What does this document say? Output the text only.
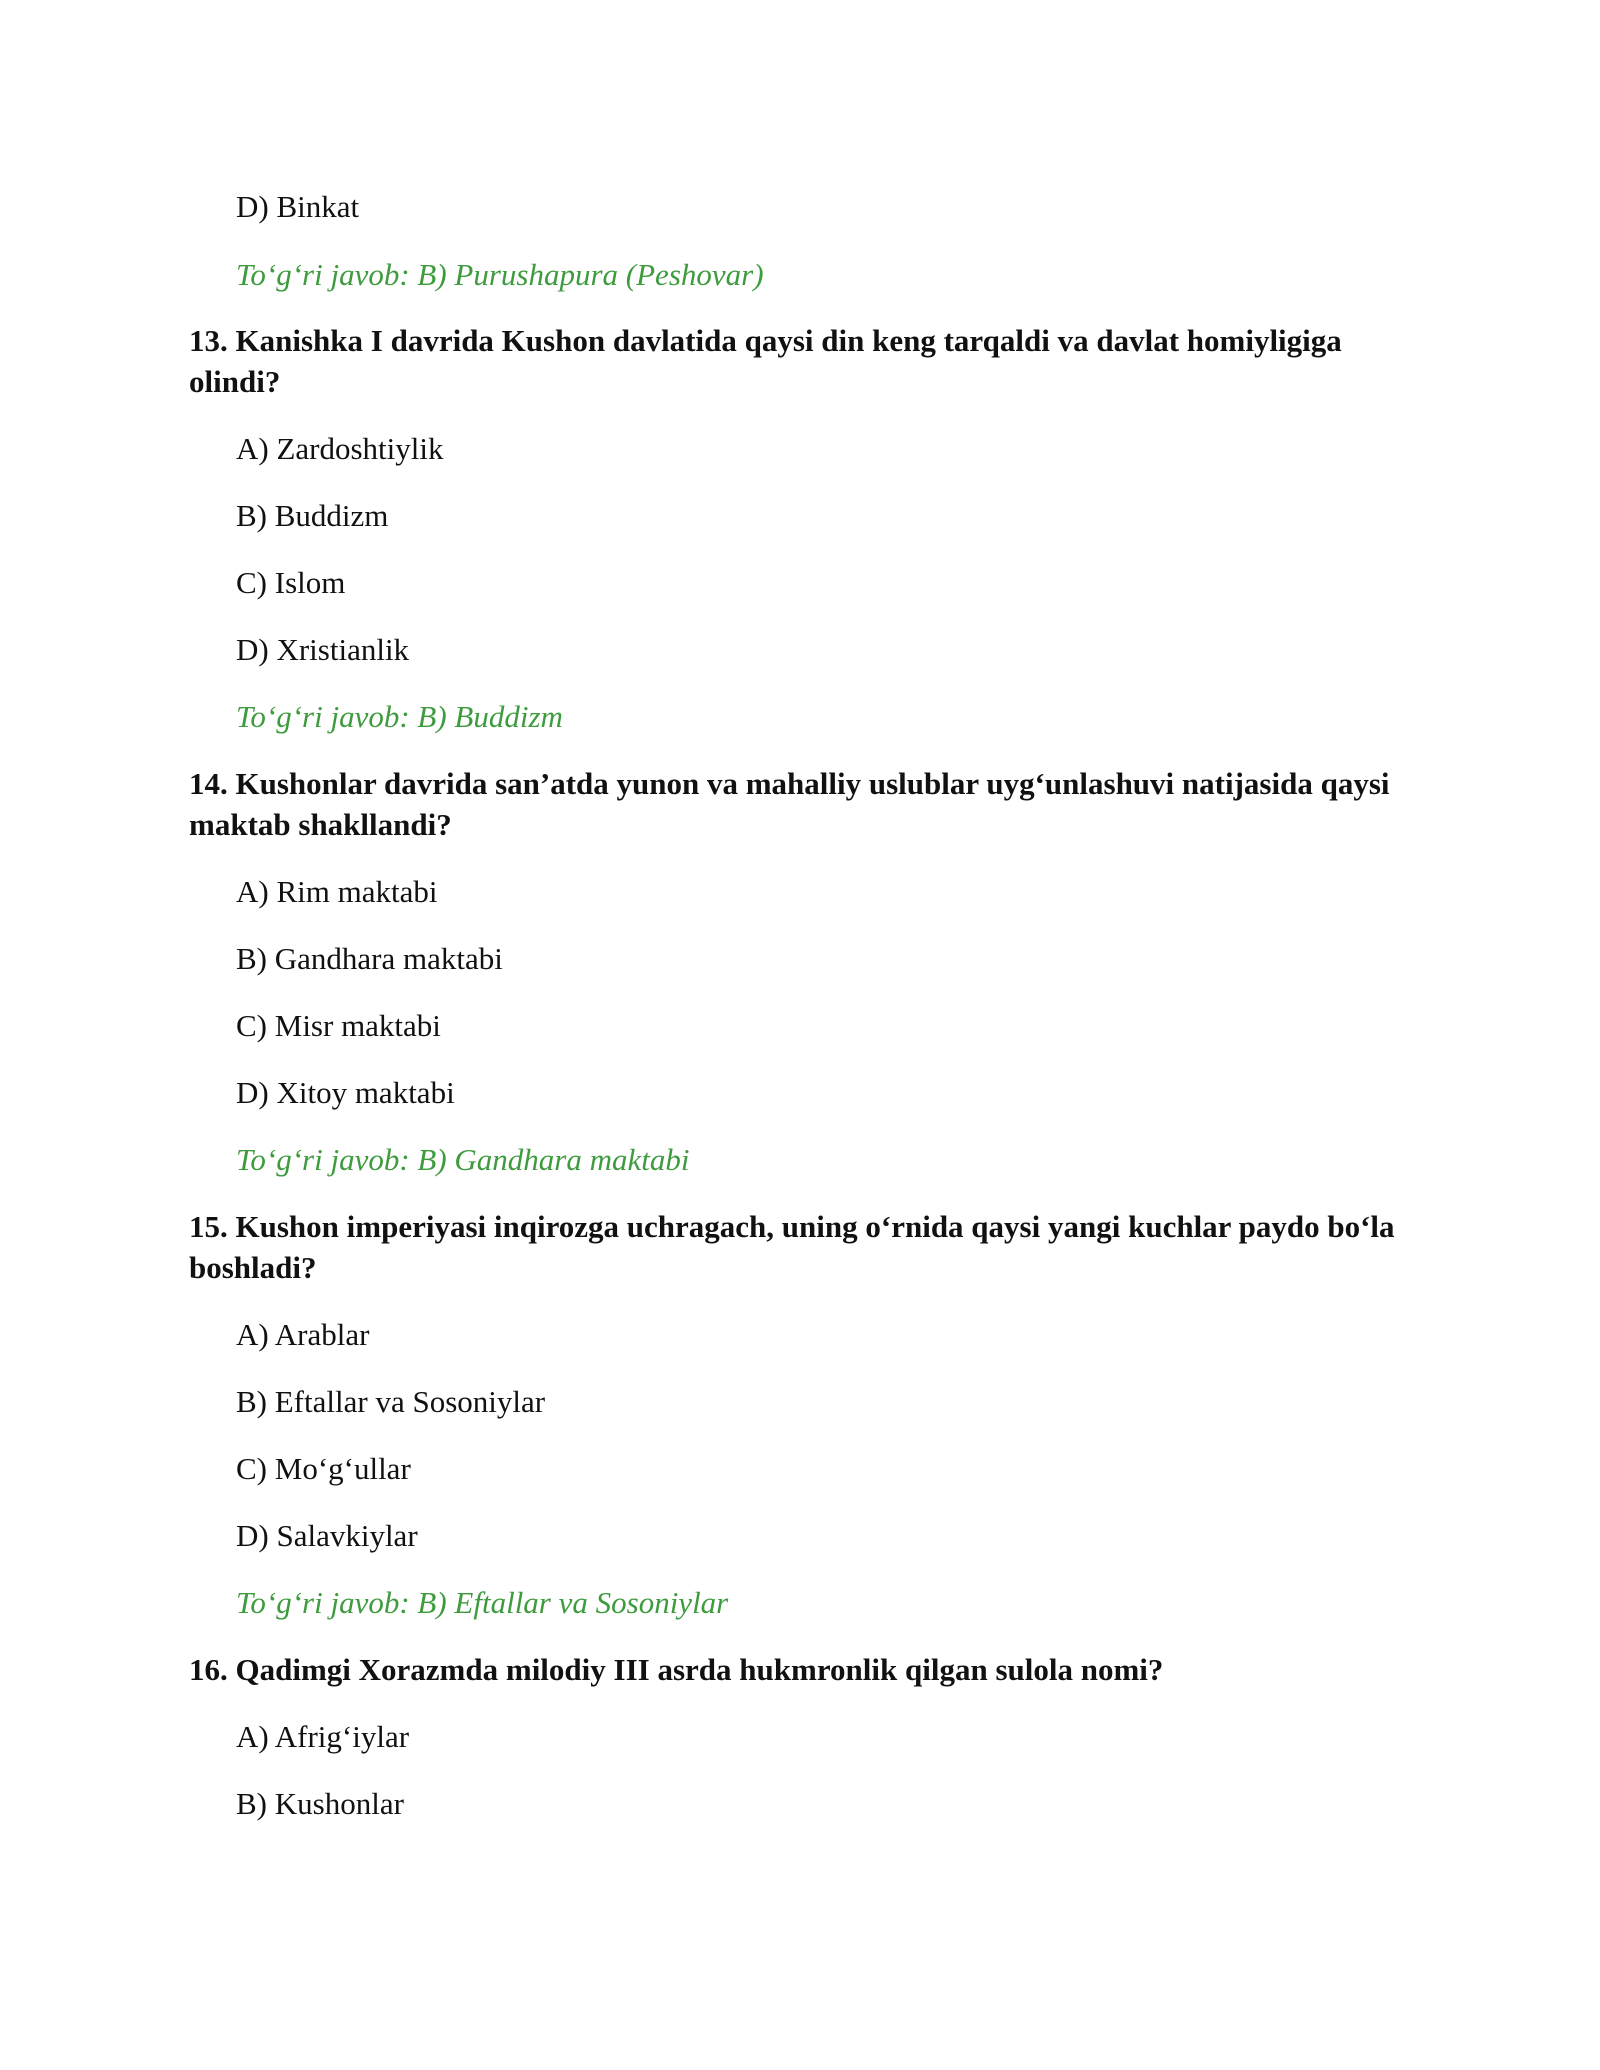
D) Binkat
To‘g‘ri javob: B) Purushapura (Peshovar)
13. Kanishka I davrida Kushon davlatida qaysi din keng tarqaldi va davlat homiyligiga olindi?
A) Zardoshtiylik
B) Buddizm
C) Islom
D) Xristianlik
To‘g‘ri javob: B) Buddizm
14. Kushonlar davrida san’atda yunon va mahalliy uslublar uyg‘unlashuvi natijasida qaysi maktab shakllandi?
A) Rim maktabi
B) Gandhara maktabi
C) Misr maktabi
D) Xitoy maktabi
To‘g‘ri javob: B) Gandhara maktabi
15. Kushon imperiyasi inqirozga uchragach, uning o‘rnida qaysi yangi kuchlar paydo bo‘la boshladi?
A) Arablar
B) Eftallar va Sosoniylar
C) Mo‘g‘ullar
D) Salavkiylar
To‘g‘ri javob: B) Eftallar va Sosoniylar
16. Qadimgi Xorazmda milodiy III asrda hukmronlik qilgan sulola nomi?
A) Afrig‘iylar
B) Kushonlar
